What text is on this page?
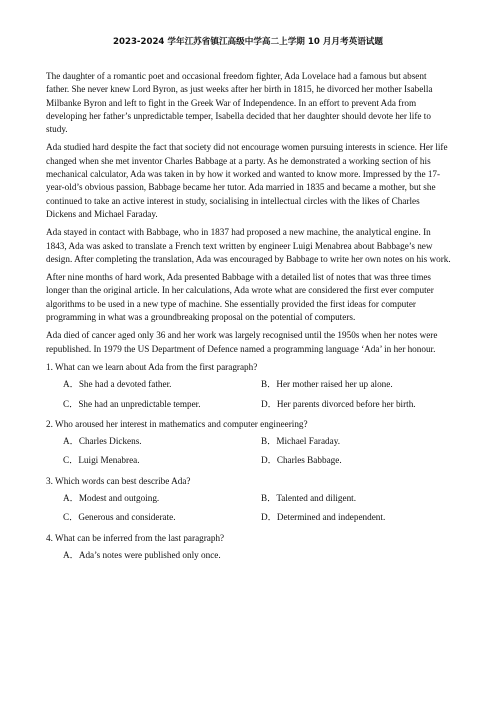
2023-2024 学年江苏省镇江高级中学高二上学期 10 月月考英语试题

The daughter of a romantic poet and occasional freedom fighter, Ada Lovelace had a famous but absent father. She never knew Lord Byron, as just weeks after her birth in 1815, he divorced her mother Isabella Milbanke Byron and left to fight in the Greek War of Independence. In an effort to prevent Ada from developing her father’s unpredictable temper, Isabella decided that her daughter should devote her life to study.

Ada studied hard despite the fact that society did not encourage women pursuing interests in science. Her life changed when she met inventor Charles Babbage at a party. As he demonstrated a working section of his mechanical calculator, Ada was taken in by how it worked and wanted to know more. Impressed by the 17-year-old’s obvious passion, Babbage became her tutor. Ada married in 1835 and became a mother, but she continued to take an active interest in study, socialising in intellectual circles with the likes of Charles Dickens and Michael Faraday.

Ada stayed in contact with Babbage, who in 1837 had proposed a new machine, the analytical engine. In 1843, Ada was asked to translate a French text written by engineer Luigi Menabrea about Babbage’s new design. After completing the translation, Ada was encouraged by Babbage to write her own notes on his work.

After nine months of hard work, Ada presented Babbage with a detailed list of notes that was three times longer than the original article. In her calculations, Ada wrote what are considered the first ever computer algorithms to be used in a new type of machine. She essentially provided the first ideas for computer programming in what was a groundbreaking proposal on the potential of computers.

Ada died of cancer aged only 36 and her work was largely recognised until the 1950s when her notes were republished. In 1979 the US Department of Defence named a programming language ‘Ada’ in her honour.

1. What can we learn about Ada from the first paragraph?
A．She had a devoted father.	B．Her mother raised her up alone.
C．She had an unpredictable temper.	D．Her parents divorced before her birth.
2. Who aroused her interest in mathematics and computer engineering?
A．Charles Dickens.	B．Michael Faraday.
C．Luigi Menabrea.	D．Charles Babbage.
3. Which words can best describe Ada?
A．Modest and outgoing.	B．Talented and diligent.
C．Generous and considerate.	D．Determined and independent.
4. What can be inferred from the last paragraph?
A．Ada’s notes were published only once.
